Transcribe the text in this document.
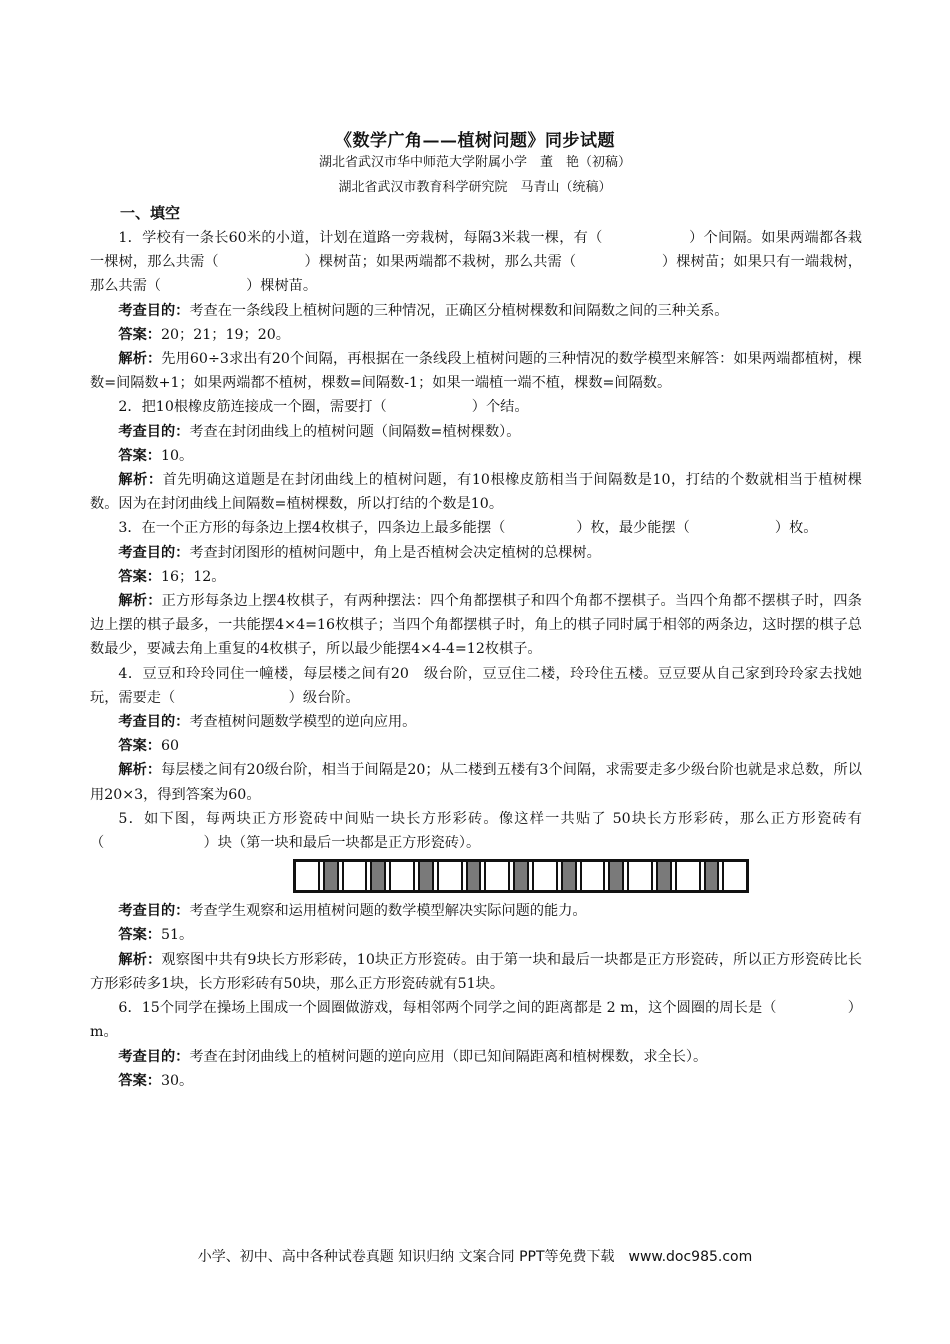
《数学广角——植树问题》同步试题
湖北省武汉市华中师范大学附属小学　董　艳（初稿）
湖北省武汉市教育科学研究院　马青山（统稿）
一、填空

1．学校有一条长60米的小道，计划在道路一旁栽树，每隔3米栽一棵，有（　　　　　　）个间隔。如果两端都各栽一棵树，那么共需（　　　　　　）棵树苗；如果两端都不栽树，那么共需（　　　　　　）棵树苗；如果只有一端栽树，那么共需（　　　　　　）棵树苗。

考查目的：考查在一条线段上植树问题的三种情况，正确区分植树棵数和间隔数之间的三种关系。

答案：20；21；19；20。

解析：先用60÷3求出有20个间隔，再根据在一条线段上植树问题的三种情况的数学模型来解答：如果两端都植树，棵数=间隔数+1；如果两端都不植树，棵数=间隔数-1；如果一端植一端不植，棵数=间隔数。

2．把10根橡皮筋连接成一个圈，需要打（　　　　　　）个结。

考查目的：考查在封闭曲线上的植树问题（间隔数=植树棵数）。

答案：10。

解析：首先明确这道题是在封闭曲线上的植树问题，有10根橡皮筋相当于间隔数是10，打结的个数就相当于植树棵数。因为在封闭曲线上间隔数=植树棵数，所以打结的个数是10。

3．在一个正方形的每条边上摆4枚棋子，四条边上最多能摆（　　　　　）枚，最少能摆（　　　　　　）枚。

考查目的：考查封闭图形的植树问题中，角上是否植树会决定植树的总棵树。

答案：16；12。

解析：正方形每条边上摆4枚棋子，有两种摆法：四个角都摆棋子和四个角都不摆棋子。当四个角都不摆棋子时，四条边上摆的棋子最多，一共能摆4×4=16枚棋子；当四个角都摆棋子时，角上的棋子同时属于相邻的两条边，这时摆的棋子总数最少，要减去角上重复的4枚棋子，所以最少能摆4×4-4=12枚棋子。

4．豆豆和玲玲同住一幢楼，每层楼之间有20　级台阶，豆豆住二楼，玲玲住五楼。豆豆要从自己家到玲玲家去找她玩，需要走（　　　　　　　　）级台阶。

考查目的：考查植树问题数学模型的逆向应用。

答案：60

解析：每层楼之间有20级台阶，相当于间隔是20；从二楼到五楼有3个间隔，求需要走多少级台阶也就是求总数，所以用20×3，得到答案为60。

5．如下图，每两块正方形瓷砖中间贴一块长方形彩砖。像这样一共贴了 50块长方形彩砖，那么正方形瓷砖有（　　　　　　　）块（第一块和最后一块都是正方形瓷砖）。

考查目的：考查学生观察和运用植树问题的数学模型解决实际问题的能力。

答案：51。

解析：观察图中共有9块长方形彩砖，10块正方形瓷砖。由于第一块和最后一块都是正方形瓷砖，所以正方形瓷砖比长方形彩砖多1块，长方形彩砖有50块，那么正方形瓷砖就有51块。

6．15个同学在操场上围成一个圆圈做游戏，每相邻两个同学之间的距离都是 2 m，这个圆圈的周长是（　　　　　）m。

考查目的：考查在封闭曲线上的植树问题的逆向应用（即已知间隔距离和植树棵数，求全长）。

答案：30。

小学、初中、高中各种试卷真题 知识归纳 文案合同 PPT等免费下载　www.doc985.com
